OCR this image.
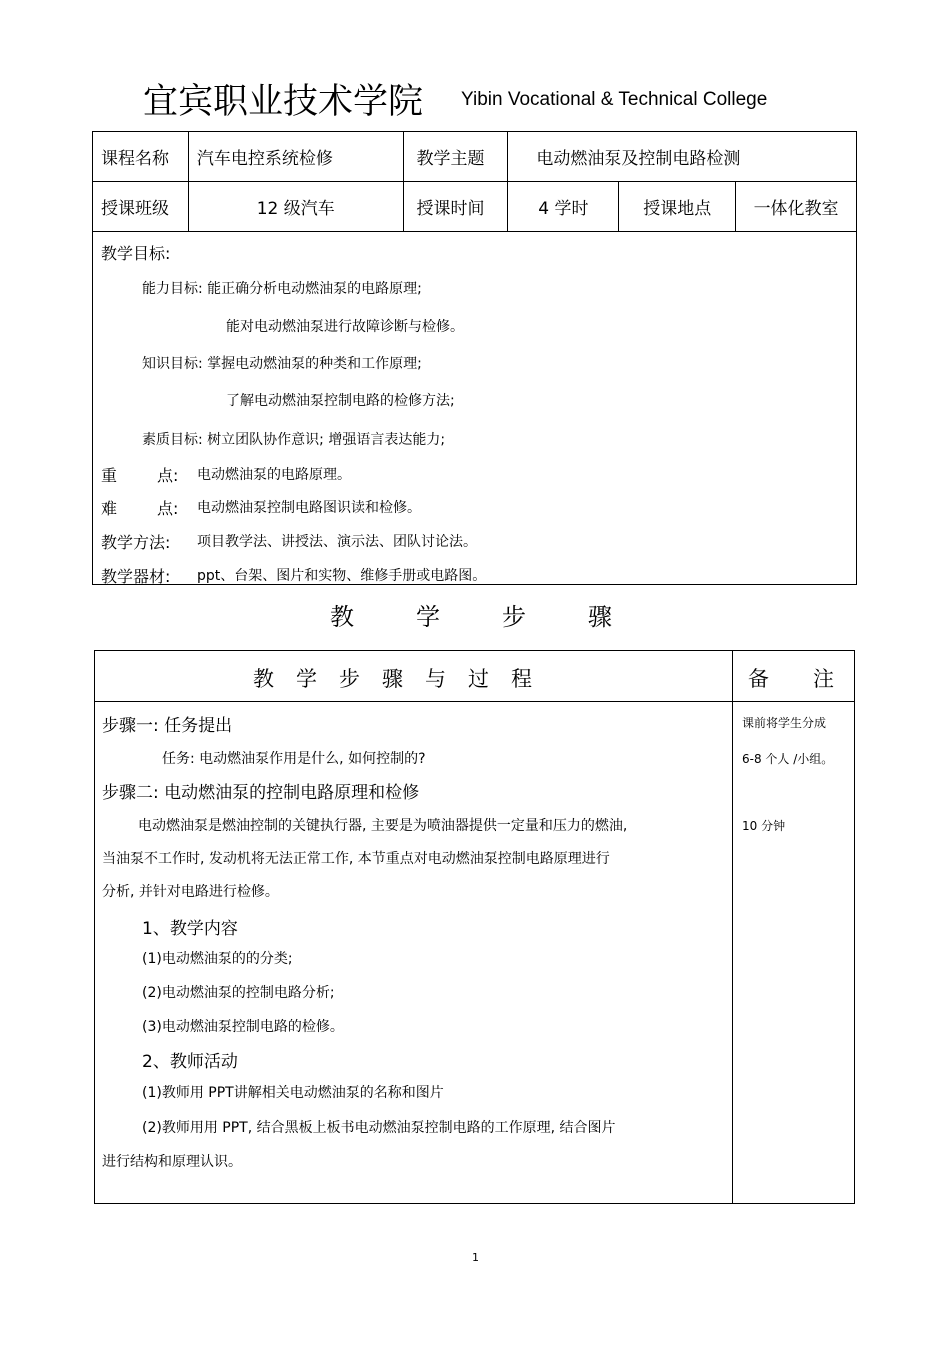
宜宾职业技术学院 Yibin Vocational & Technical College
课程名称	汽车电控系统检修	教学主题	电动燃油泵及控制电路检测		
授课班级	12 级汽车	授课时间	4 学时	授课地点	一体化教室
教学目标:
能力目标: 能正确分析电动燃油泵的电路原理;
能对电动燃油泵进行故障诊断与检修。
知识目标: 掌握电动燃油泵的种类和工作原理;
了解电动燃油泵控制电路的检修方法;
素质目标: 树立团队协作意识; 增强语言表达能力;
重 点: 电动燃油泵的电路原理。
难 点: 电动燃油泵控制电路图识读和检修。
教学方法: 项目教学法、讲授法、演示法、团队讨论法。
教学器材: ppt、台架、图片和实物、维修手册或电路图。
教学步骤
教学步骤与过程	备注
步骤一: 任务提出
任务: 电动燃油泵作用是什么, 如何控制的?
步骤二: 电动燃油泵的控制电路原理和检修
电动燃油泵是燃油控制的关键执行器, 主要是为喷油器提供一定量和压力的燃油,
当油泵不工作时, 发动机将无法正常工作, 本节重点对电动燃油泵控制电路原理进行
分析, 并针对电路进行检修。
1、教学内容
(1)电动燃油泵的的分类;
(2)电动燃油泵的控制电路分析;
(3)电动燃油泵控制电路的检修。
2、教师活动
(1)教师用 PPT讲解相关电动燃油泵的名称和图片
(2)教师用用 PPT, 结合黑板上板书电动燃油泵控制电路的工作原理, 结合图片
进行结构和原理认识。
课前将学生分成
6-8 个人 /小组。
10 分钟
1
